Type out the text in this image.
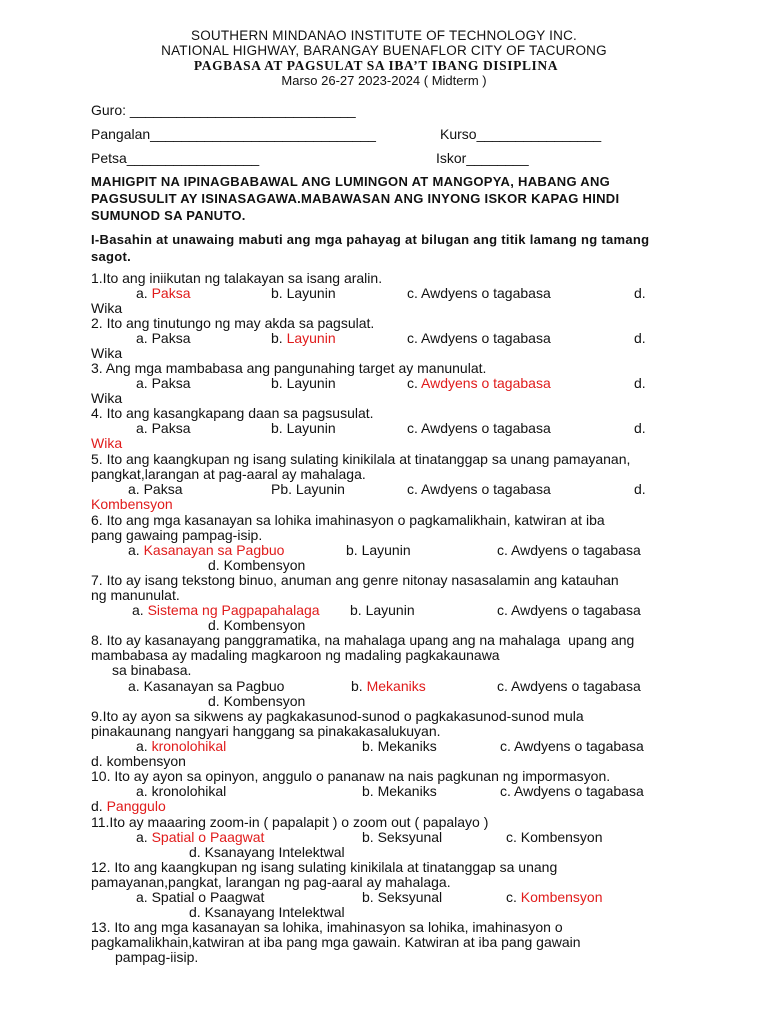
SOUTHERN MINDANAO INSTITUTE OF TECHNOLOGY INC.
NATIONAL HIGHWAY, BARANGAY BUENAFLOR CITY OF TACURONG
PAGBASA AT PAGSULAT SA IBA’T IBANG DISIPLINA
Marso 26-27 2023-2024 ( Midterm )
Guro: _____________________________
Pangalan_____________________________	Kurso________________
Petsa_________________	Iskor________
MAHIGPIT NA IPINAGBABAWAL ANG LUMINGON AT MANGOPYA, HABANG ANG PAGSUSULIT AY ISINASAGAWA.MABAWASAN ANG INYONG ISKOR KAPAG HINDI SUMUNOD SA PANUTO.
I-Basahin at unawaing mabuti ang mga pahayag at bilugan ang titik lamang ng tamang sagot.
1.Ito ang iniikutan ng talakayan sa isang aralin.
a. Paksa	b. Layunin	c. Awdyens o tagabasa	d.
Wika
2. Ito ang tinutungo ng may akda sa pagsulat.
a. Paksa	b. Layunin	c. Awdyens o tagabasa	d.
Wika
3. Ang mga mambabasa ang pangunahing target ay manunulat.
a. Paksa	b. Layunin	c. Awdyens o tagabasa	d.
Wika
4. Ito ang kasangkapang daan sa pagsusulat.
a. Paksa	b. Layunin	c. Awdyens o tagabasa	d.
Wika
5. Ito ang kaangkupan ng isang sulating kinikilala at tinatanggap sa unang pamayanan,
pangkat,larangan at pag-aaral ay mahalaga.
a. Paksa	Pb. Layunin	c. Awdyens o tagabasa	d.
Kombensyon
6. Ito ang mga kasanayan sa lohika imahinasyon o pagkamalikhain, katwiran at iba
pang gawaing pampag-isip.
a. Kasanayan sa Pagbuo	b. Layunin	c. Awdyens o tagabasa
d. Kombensyon
7. Ito ay isang tekstong binuo, anuman ang genre nitonay nasasalamin ang katauhan
ng manunulat.
a. Sistema ng Pagpapahalaga b. Layunin	c. Awdyens o tagabasa
d. Kombensyon
8. Ito ay kasanayang panggramatika, na mahalaga upang ang na mahalaga  upang ang
mambabasa ay madaling magkaroon ng madaling pagkakaunawa
sa binabasa.
a. Kasanayan sa Pagbuo	b. Mekaniks	c. Awdyens o tagabasa
d. Kombensyon
9.Ito ay ayon sa sikwens ay pagkakasunod-sunod o pagkakasunod-sunod mula
pinakaunang nangyari hanggang sa pinakakasalukuyan.
a. kronolohikal	b. Mekaniks	c. Awdyens o tagabasa
d. kombensyon
10. Ito ay ayon sa opinyon, anggulo o pananaw na nais pagkunan ng impormasyon.
a. kronolohikal	b. Mekaniks	c. Awdyens o tagabasa
d. Panggulo
11.Ito ay maaaring zoom-in ( papalapit ) o zoom out ( papalayo )
a. Spatial o Paagwat	b. Seksyunal	c. Kombensyon
d. Ksanayang Intelektwal
12. Ito ang kaangkupan ng isang sulating kinikilala at tinatanggap sa unang
pamayanan,pangkat, larangan ng pag-aaral ay mahalaga.
a. Spatial o Paagwat	b. Seksyunal	c. Kombensyon
d. Ksanayang Intelektwal
13. Ito ang mga kasanayan sa lohika, imahinasyon sa lohika, imahinasyon o
pagkamalikhain,katwiran at iba pang mga gawain. Katwiran at iba pang gawain
pampag-iisip.
